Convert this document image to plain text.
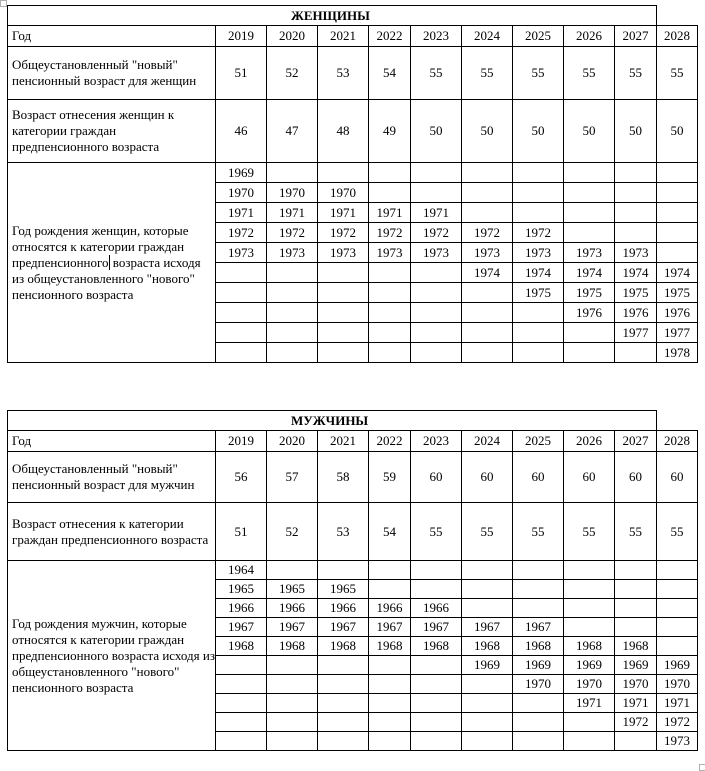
ЖЕНЩИНЫ										
Год	2019	2020	2021	2022	2023	2024	2025	2026	2027	2028
Общеустановленный "новый" пенсионный возраст для женщин	51	52	53	54	55	55	55	55	55	55
Возраст отнесения женщин к категории граждан предпенсионного возраста	46	47	48	49	50	50	50	50	50	50
Год рождения женщин, которые относятся к категории граждан предпенсионного возраста исходя из общеустановленного "нового" пенсионного возраста	1969									
	1970	1970	1970							
	1971	1971	1971	1971	1971					
	1972	1972	1972	1972	1972	1972	1972			
	1973	1973	1973	1973	1973	1973	1973	1973	1973	
						1974	1974	1974	1974	1974
							1975	1975	1975	1975
								1976	1976	1976
									1977	1977
										1978
МУЖЧИНЫ										
Год	2019	2020	2021	2022	2023	2024	2025	2026	2027	2028
Общеустановленный "новый" пенсионный возраст для мужчин	56	57	58	59	60	60	60	60	60	60
Возраст отнесения к категории граждан предпенсионного возраста	51	52	53	54	55	55	55	55	55	55
Год рождения мужчин, которые относятся к категории граждан предпенсионного возраста исходя из общеустановленного "нового" пенсионного возраста	1964									
	1965	1965	1965							
	1966	1966	1966	1966	1966					
	1967	1967	1967	1967	1967	1967	1967			
	1968	1968	1968	1968	1968	1968	1968	1968	1968	
						1969	1969	1969	1969	1969
							1970	1970	1970	1970
								1971	1971	1971
									1972	1972
										1973
